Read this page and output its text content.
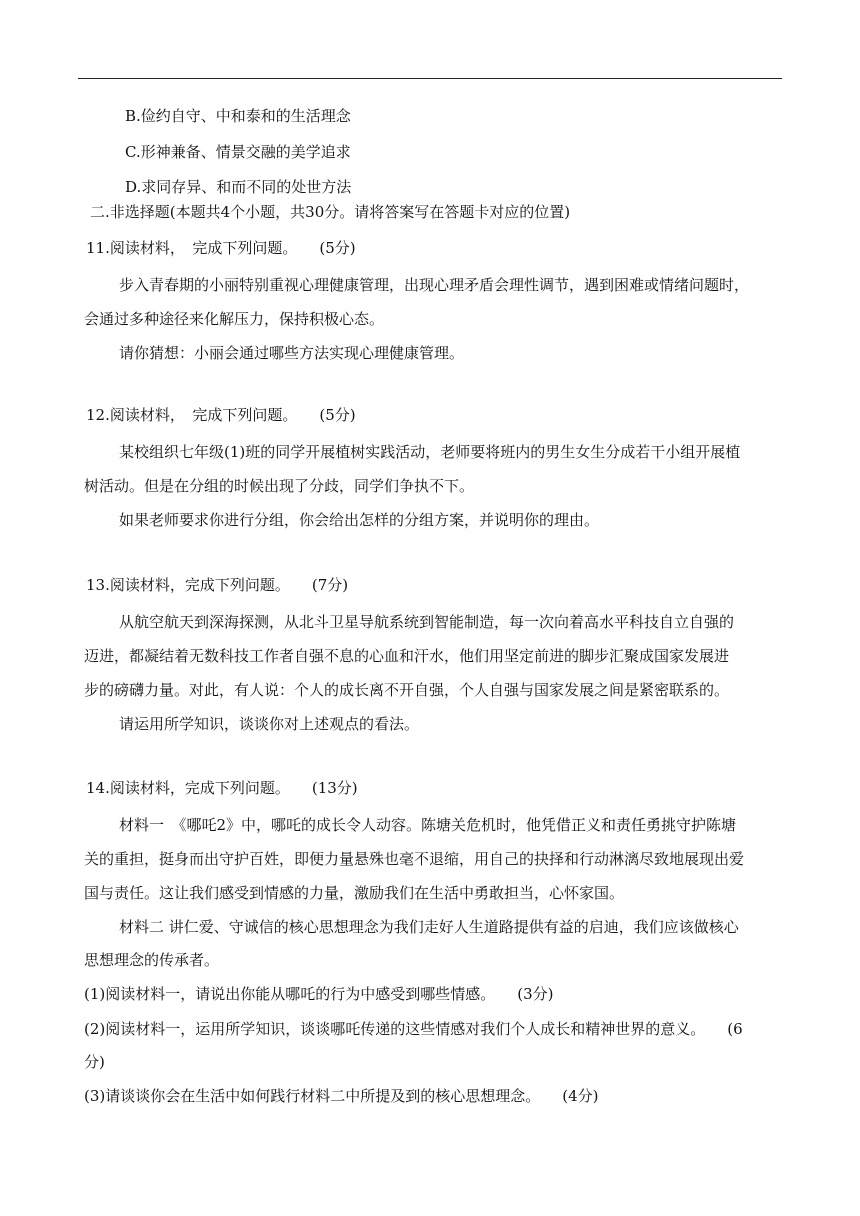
B.俭约自守、中和泰和的生活理念
C.形神兼备、情景交融的美学追求
D.求同存异、和而不同的处世方法
二.非选择题(本题共4个小题，共30分。请将答案写在答题卡对应的位置)
11.阅读材料，　完成下列问题。 (5分)
步入青春期的小丽特别重视心理健康管理，出现心理矛盾会理性调节，遇到困难或情绪问题时，
会通过多种途径来化解压力，保持积极心态。
请你猜想：小丽会通过哪些方法实现心理健康管理。
12.阅读材料，　完成下列问题。 (5分)
某校组织七年级(1)班的同学开展植树实践活动，老师要将班内的男生女生分成若干小组开展植
树活动。但是在分组的时候出现了分歧，同学们争执不下。
如果老师要求你进行分组，你会给出怎样的分组方案，并说明你的理由。
13.阅读材料，完成下列问题。 (7分)
从航空航天到深海探测，从北斗卫星导航系统到智能制造，每一次向着高水平科技自立自强的
迈进，都凝结着无数科技工作者自强不息的心血和汗水，他们用坚定前进的脚步汇聚成国家发展进
步的磅礴力量。对此，有人说：个人的成长离不开自强，个人自强与国家发展之间是紧密联系的。
请运用所学知识，谈谈你对上述观点的看法。
14.阅读材料，完成下列问题。 (13分)
材料一　《哪吒2》中，哪吒的成长令人动容。陈塘关危机时，他凭借正义和责任勇挑守护陈塘
关的重担，挺身而出守护百姓，即便力量悬殊也毫不退缩，用自己的抉择和行动淋漓尽致地展现出爱
国与责任。这让我们感受到情感的力量，激励我们在生活中勇敢担当，心怀家国。
材料二 讲仁爱、守诚信的核心思想理念为我们走好人生道路提供有益的启迪，我们应该做核心
思想理念的传承者。
(1)阅读材料一，请说出你能从哪吒的行为中感受到哪些情感。 (3分)
(2)阅读材料一，运用所学知识，谈谈哪吒传递的这些情感对我们个人成长和精神世界的意义。 (6
分)
(3)请谈谈你会在生活中如何践行材料二中所提及到的核心思想理念。 (4分)
